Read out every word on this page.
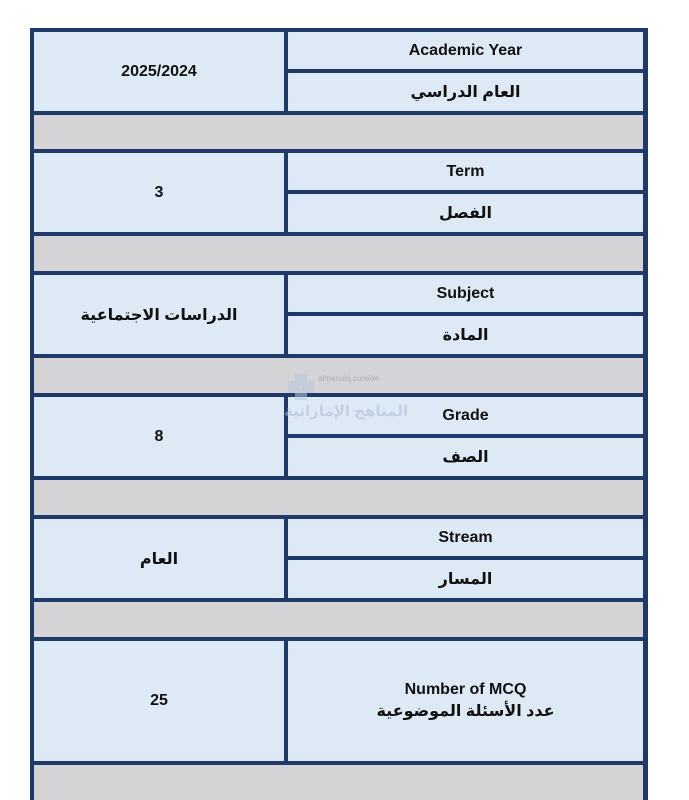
2025/2024
Academic Year
العام الدراسي
3
Term
الفصل
الدراسات الاجتماعية
Subject
المادة
8
Grade
الصف
العام
Stream
المسار
25
Number of MCQ
عدد الأسئلة الموضوعية
almanahj.com/ae
المناهج الإماراتية
